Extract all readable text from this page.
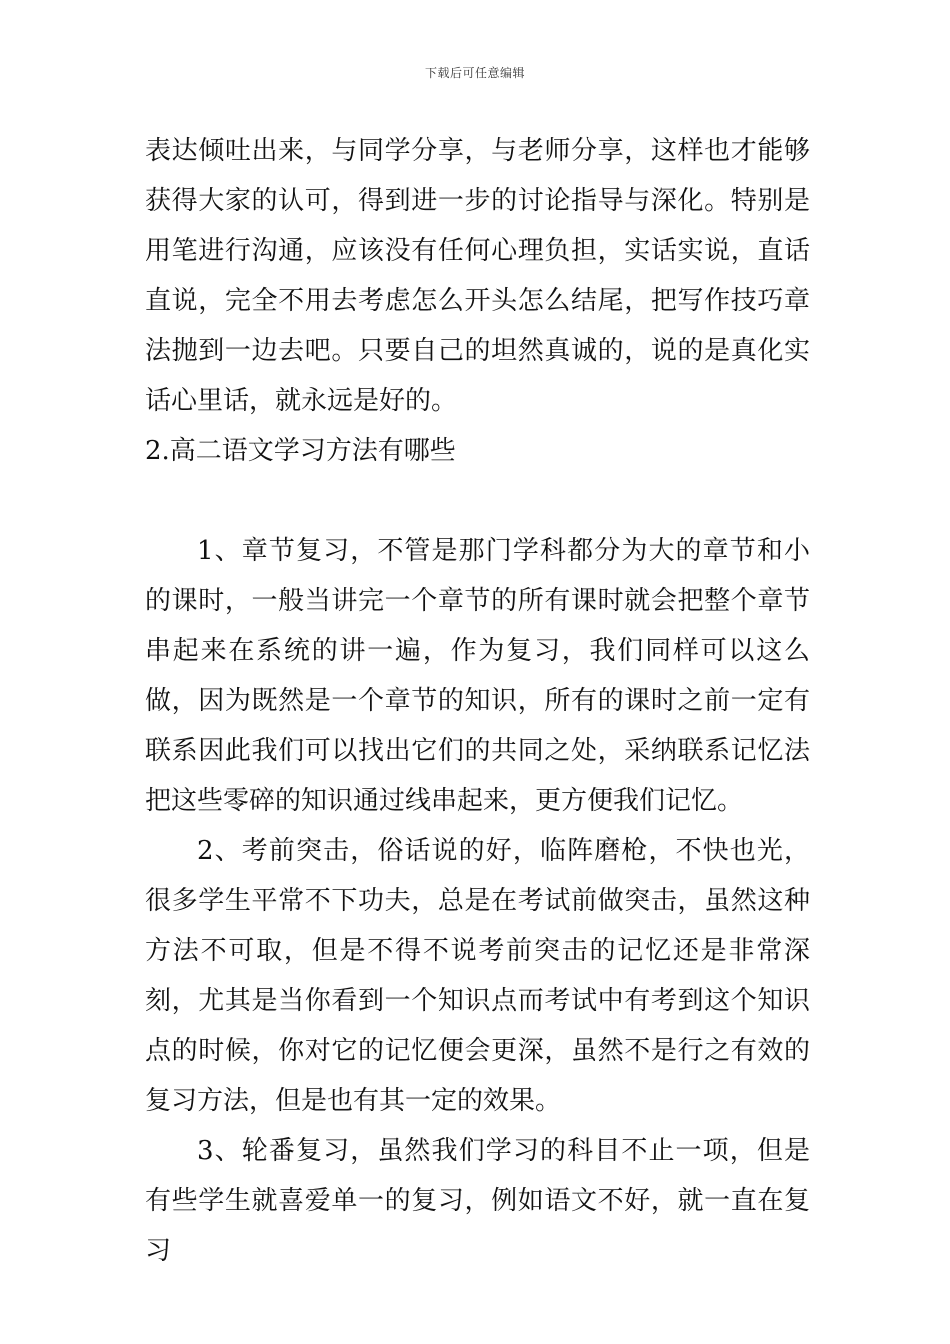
下载后可任意编辑

表达倾吐出来，与同学分享，与老师分享，这样也才能够获得大家的认可，得到进一步的讨论指导与深化。特别是用笔进行沟通，应该没有任何心理负担，实话实说，直话直说，完全不用去考虑怎么开头怎么结尾，把写作技巧章法抛到一边去吧。只要自己的坦然真诚的，说的是真化实话心里话，就永远是好的。

2.高二语文学习方法有哪些

1、章节复习，不管是那门学科都分为大的章节和小的课时，一般当讲完一个章节的所有课时就会把整个章节串起来在系统的讲一遍，作为复习，我们同样可以这么做，因为既然是一个章节的知识，所有的课时之前一定有联系因此我们可以找出它们的共同之处，采纳联系记忆法把这些零碎的知识通过线串起来，更方便我们记忆。

2、考前突击，俗话说的好，临阵磨枪，不快也光，很多学生平常不下功夫，总是在考试前做突击，虽然这种方法不可取，但是不得不说考前突击的记忆还是非常深刻，尤其是当你看到一个知识点而考试中有考到这个知识点的时候，你对它的记忆便会更深，虽然不是行之有效的复习方法，但是也有其一定的效果。

3、轮番复习，虽然我们学习的科目不止一项，但是有些学生就喜爱单一的复习，例如语文不好，就一直在复习
